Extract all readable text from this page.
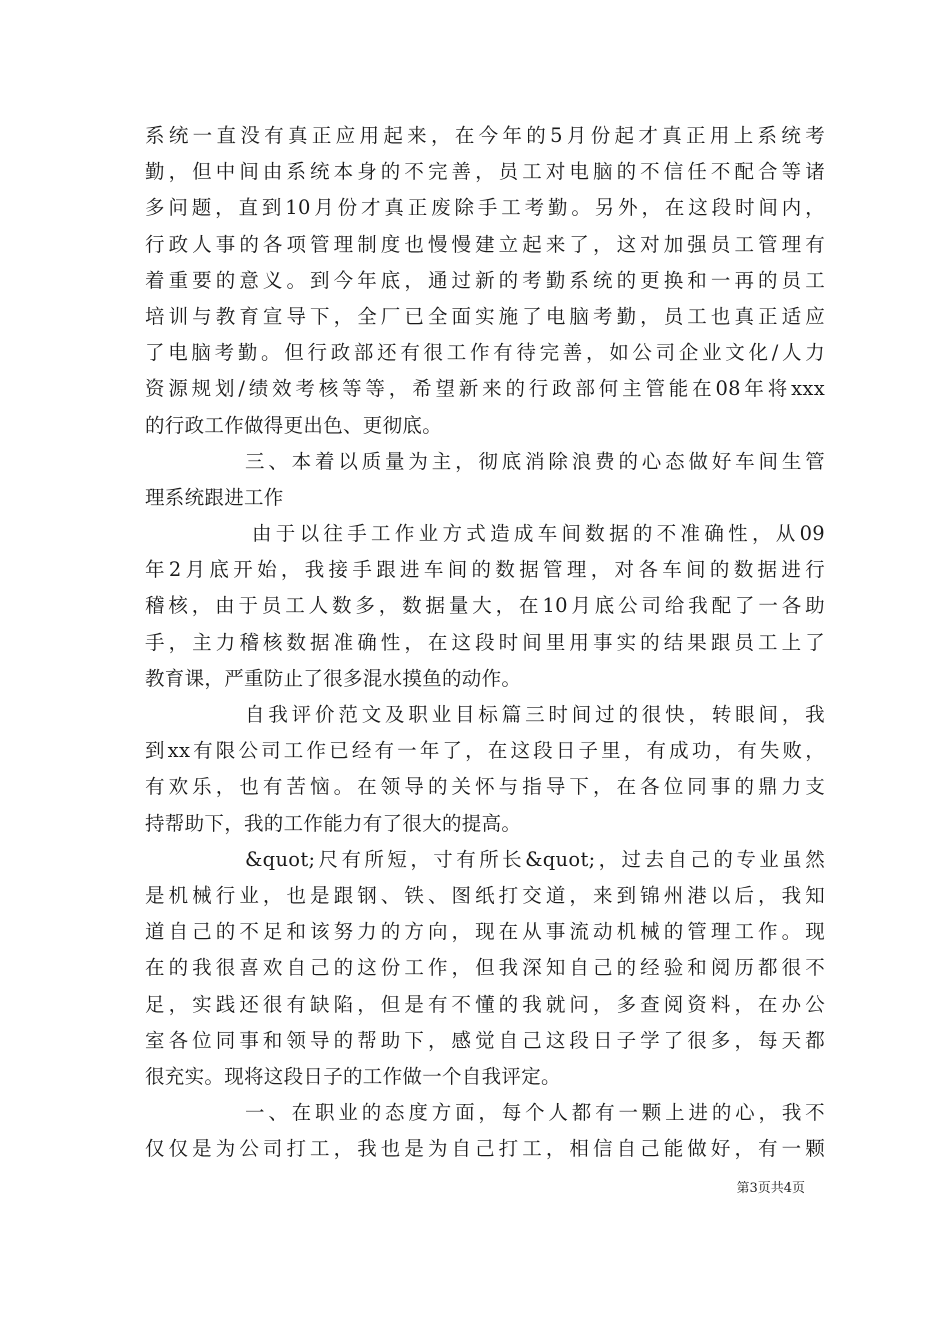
系统一直没有真正应用起来，在今年的5月份起才真正用上系统考
勤，但中间由系统本身的不完善，员工对电脑的不信任不配合等诸
多问题，直到10月份才真正废除手工考勤。另外，在这段时间内，
行政人事的各项管理制度也慢慢建立起来了，这对加强员工管理有
着重要的意义。到今年底，通过新的考勤系统的更换和一再的员工
培训与教育宣导下，全厂已全面实施了电脑考勤，员工也真正适应
了电脑考勤。但行政部还有很工作有待完善，如公司企业文化/人力
资源规划/绩效考核等等，希望新来的行政部何主管能在08年将xxx
的行政工作做得更出色、更彻底。
三、本着以质量为主，彻底消除浪费的心态做好车间生管
理系统跟进工作
由于以往手工作业方式造成车间数据的不准确性，从09
年2月底开始，我接手跟进车间的数据管理，对各车间的数据进行
稽核，由于员工人数多，数据量大，在10月底公司给我配了一各助
手，主力稽核数据准确性，在这段时间里用事实的结果跟员工上了
教育课，严重防止了很多混水摸鱼的动作。
自我评价范文及职业目标篇三时间过的很快，转眼间，我
到xx有限公司工作已经有一年了，在这段日子里，有成功，有失败，
有欢乐，也有苦恼。在领导的关怀与指导下，在各位同事的鼎力支
持帮助下，我的工作能力有了很大的提高。
&quot;尺有所短，寸有所长&quot;，过去自己的专业虽然
是机械行业，也是跟钢、铁、图纸打交道，来到锦州港以后，我知
道自己的不足和该努力的方向，现在从事流动机械的管理工作。现
在的我很喜欢自己的这份工作，但我深知自己的经验和阅历都很不
足，实践还很有缺陷，但是有不懂的我就问，多查阅资料，在办公
室各位同事和领导的帮助下，感觉自己这段日子学了很多，每天都
很充实。现将这段日子的工作做一个自我评定。
一、在职业的态度方面，每个人都有一颗上进的心，我不
仅仅是为公司打工，我也是为自己打工，相信自己能做好，有一颗
第3页共4页
